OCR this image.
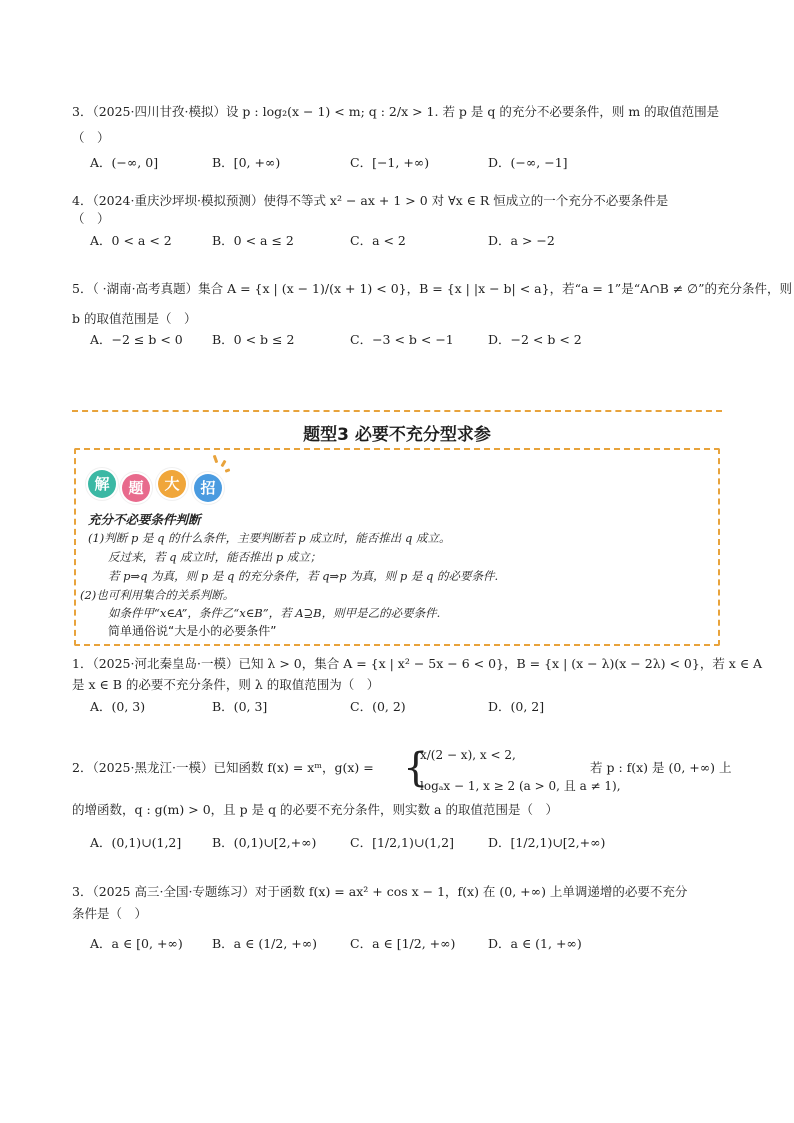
3．（2025·四川甘孜·模拟）设 p : log₂(x − 1) < m; q : 2/x > 1. 若 p 是 q 的充分不必要条件，则 m 的取值范围是
（　）
A．(−∞, 0]	B．[0, +∞)	C．[−1, +∞)	D．(−∞, −1]
4．（2024·重庆沙坪坝·模拟预测）使得不等式 x² − ax + 1 > 0 对 ∀x ∈ R 恒成立的一个充分不必要条件是
（　）
A．0 < a < 2	B．0 < a ≤ 2	C．a < 2	D．a > −2
5．（ ·湖南·高考真题）集合 A = {x | (x − 1)/(x + 1) < 0}，B = {x | |x − b| < a}，若“a = 1”是“A∩B ≠ ∅”的充分条件，则
b 的取值范围是（　）
A．−2 ≤ b < 0 B．0 < b ≤ 2	C．−3 < b < −1	D．−2 < b < 2
题型3 必要不充分型求参
解	题	大	招
充分不必要条件判断
(1)判断 p 是 q 的什么条件，主要判断若 p 成立时，能否推出 q 成立。
反过来，若 q 成立时，能否推出 p 成立；
若 p⇒q 为真，则 p 是 q 的充分条件，若 q⇒p 为真，则 p 是 q 的必要条件.
(2)也可利用集合的关系判断。
如条件甲“x∈A”，条件乙“x∈B”，若 A⊇B，则甲是乙的必要条件.
简单通俗说“大是小的必要条件”
1．（2025·河北秦皇岛·一模）已知 λ > 0，集合 A = {x | x² − 5x − 6 < 0}，B = {x | (x − λ)(x − 2λ) < 0}，若 x ∈ A
是 x ∈ B 的必要不充分条件，则 λ 的取值范围为（　）
A．(0, 3)	B．(0, 3]	C．(0, 2)	D．(0, 2]
2．（2025·黑龙江·一模）已知函数 f(x) = xᵐ，g(x) = {
x/(2 − x), x < 2,
logₐx − 1, x ≥ 2 (a > 0, 且 a ≠ 1),
若 p : f(x) 是 (0, +∞) 上
的增函数，q : g(m) > 0，且 p 是 q 的必要不充分条件，则实数 a 的取值范围是（　）
A．(0,1)∪(1,2] B．(0,1)∪[2,+∞)	C．[1/2,1)∪(1,2]	D．[1/2,1)∪[2,+∞)
3．（2025 高三·全国·专题练习）对于函数 f(x) = ax² + cos x − 1，f(x) 在 (0, +∞) 上单调递增的必要不充分
条件是（　）
A．a ∈ [0, +∞) B．a ∈ (1/2, +∞)	C．a ∈ [1/2, +∞)	D．a ∈ (1, +∞)
